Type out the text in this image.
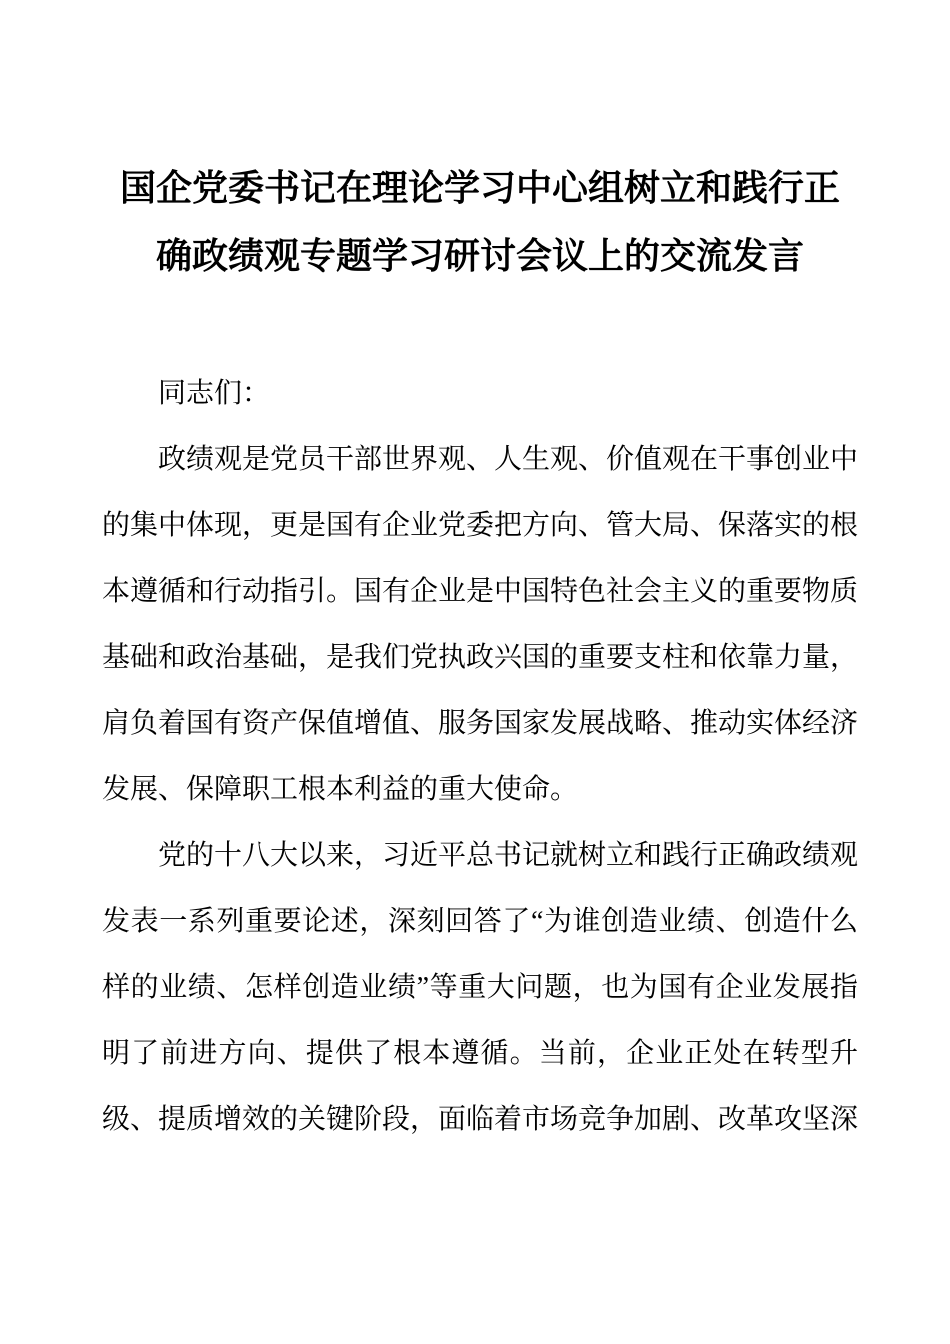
国企党委书记在理论学习中心组树立和践行正
确政绩观专题学习研讨会议上的交流发言
同志们：
政绩观是党员干部世界观、人生观、价值观在干事创业中
的集中体现，更是国有企业党委把方向、管大局、保落实的根
本遵循和行动指引。国有企业是中国特色社会主义的重要物质
基础和政治基础，是我们党执政兴国的重要支柱和依靠力量，
肩负着国有资产保值增值、服务国家发展战略、推动实体经济
发展、保障职工根本利益的重大使命。
党的十八大以来，习近平总书记就树立和践行正确政绩观
发表一系列重要论述，深刻回答了“为谁创造业绩、创造什么
样的业绩、怎样创造业绩”等重大问题，也为国有企业发展指
明了前进方向、提供了根本遵循。当前，企业正处在转型升
级、提质增效的关键阶段，面临着市场竞争加剧、改革攻坚深
